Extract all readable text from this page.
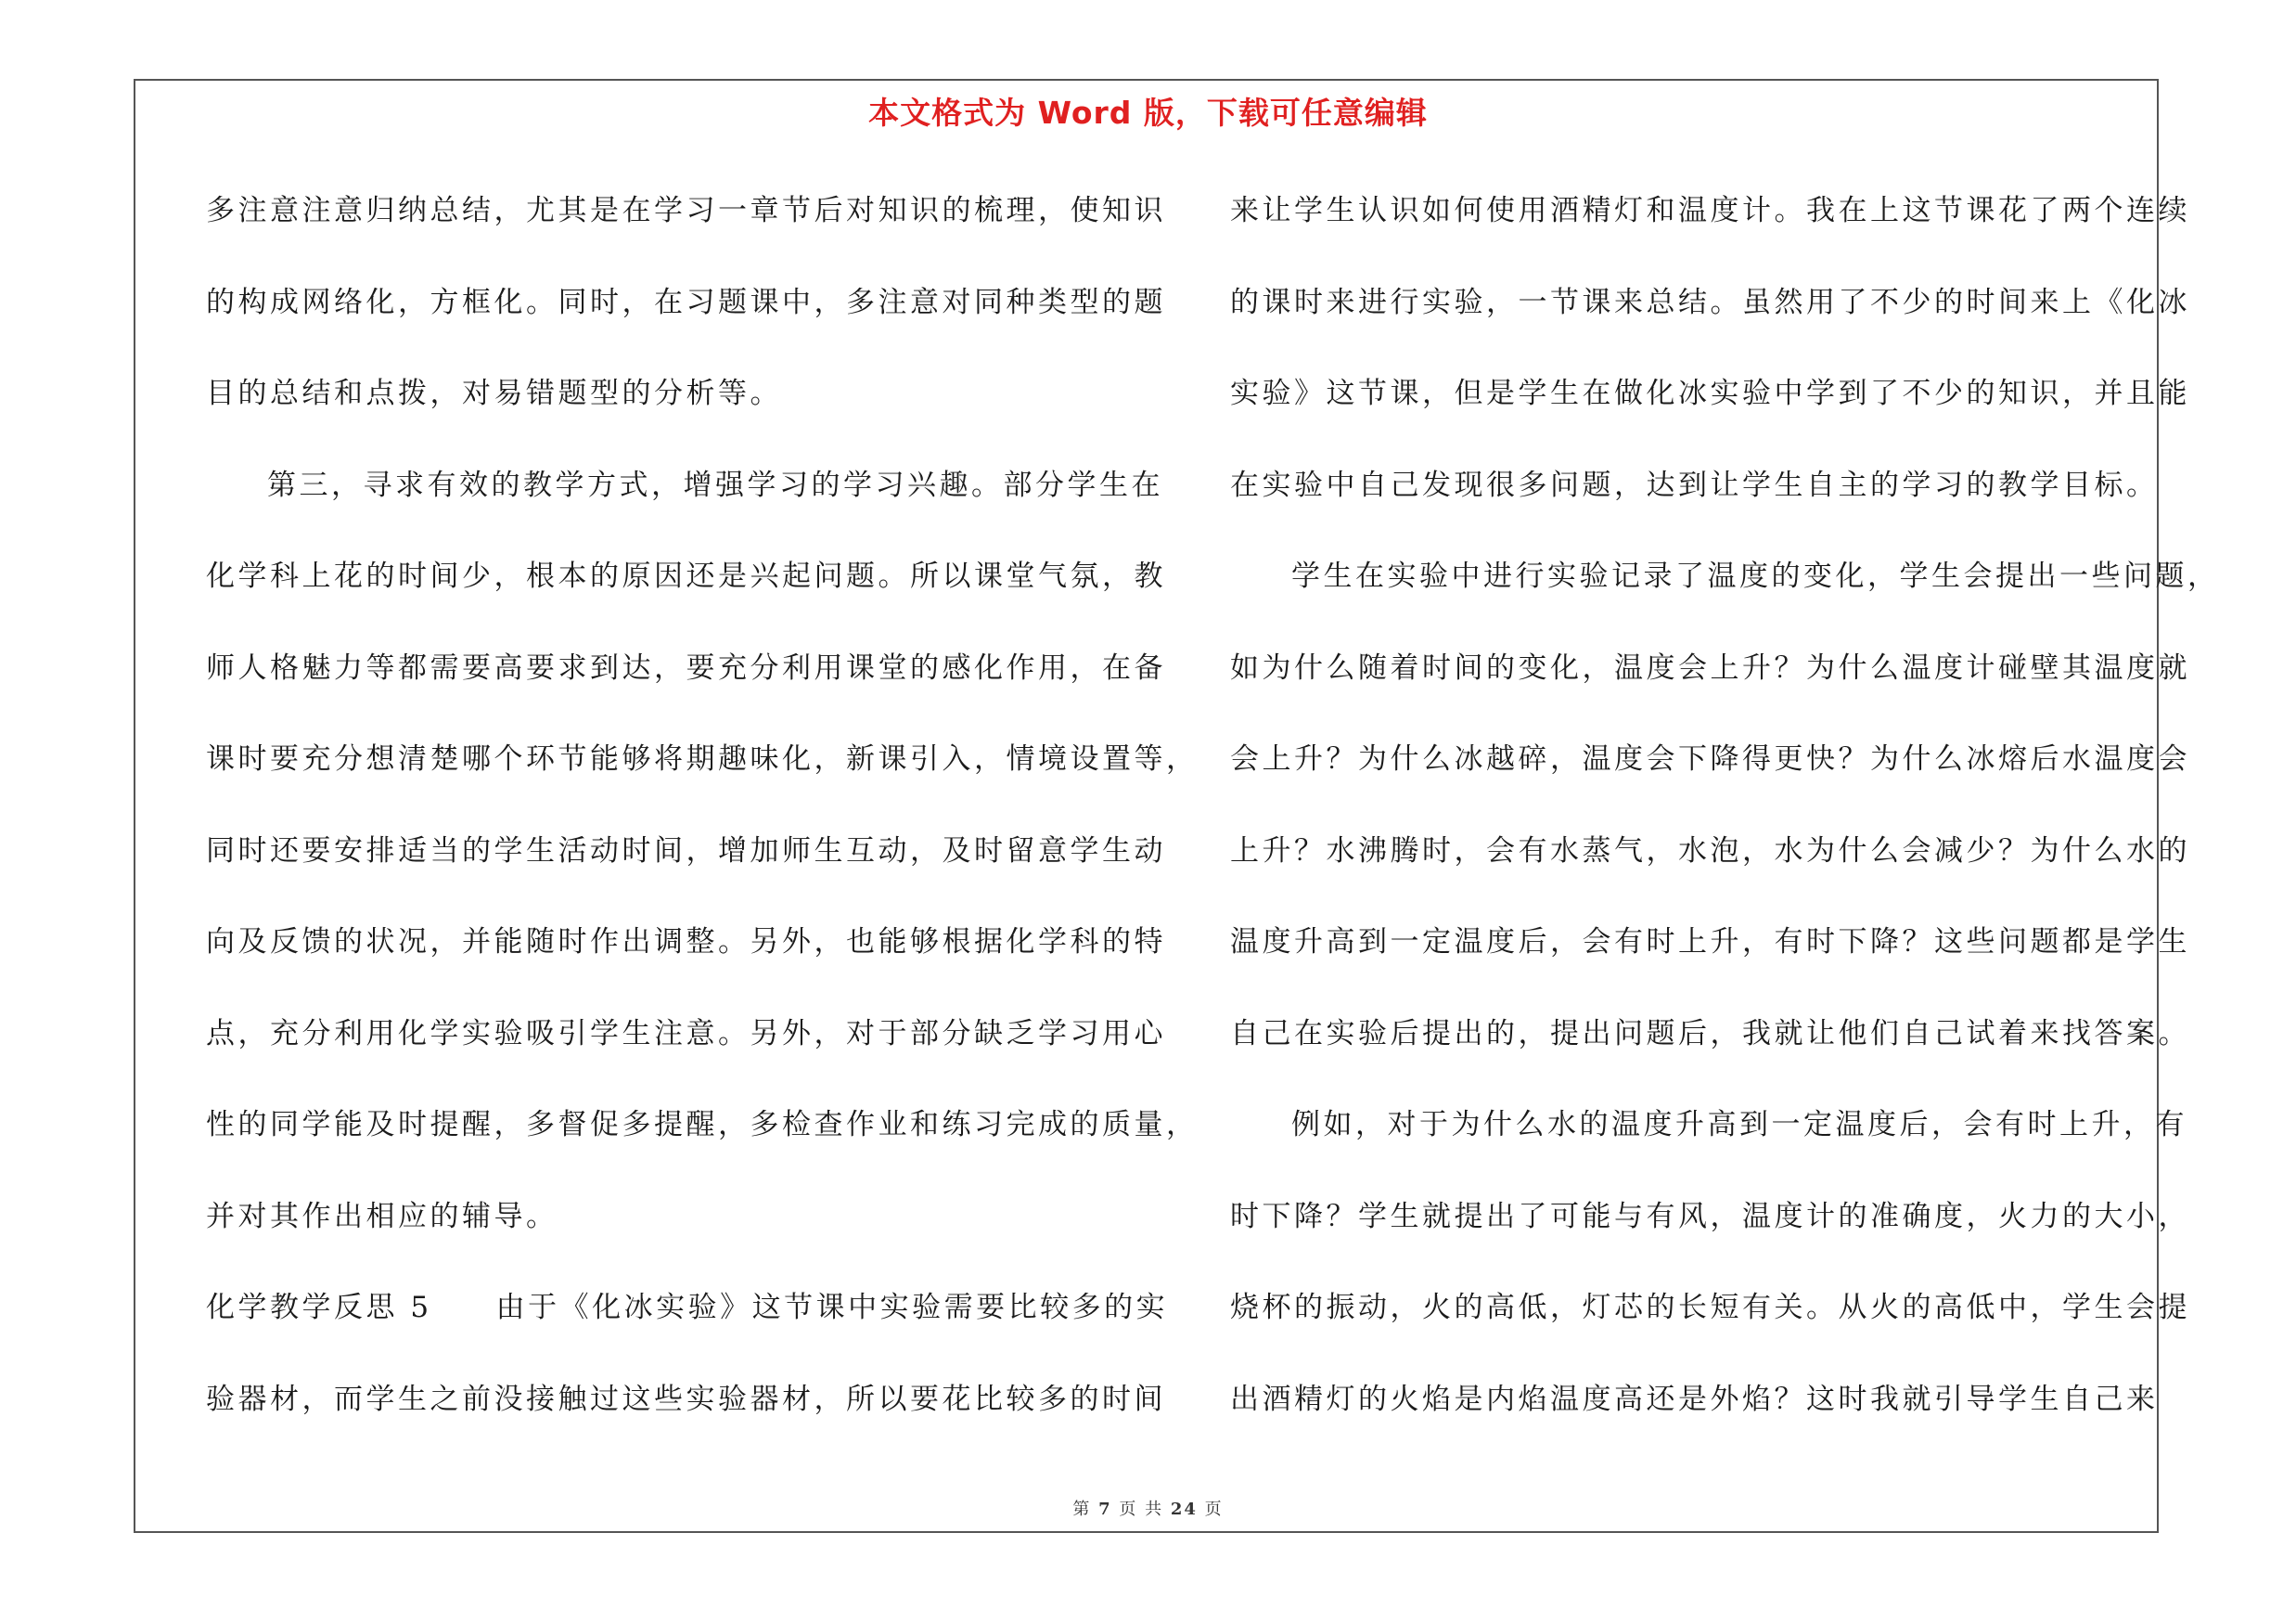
本文格式为 Word 版，下载可任意编辑
多注意注意归纳总结，尤其是在学习一章节后对知识的梳理，使知识
的构成网络化，方框化。同时，在习题课中，多注意对同种类型的题
目的总结和点拨，对易错题型的分析等。
第三，寻求有效的教学方式，增强学习的学习兴趣。部分学生在
化学科上花的时间少，根本的原因还是兴起问题。所以课堂气氛，教
师人格魅力等都需要高要求到达，要充分利用课堂的感化作用，在备
课时要充分想清楚哪个环节能够将期趣味化，新课引入，情境设置等，
同时还要安排适当的学生活动时间，增加师生互动，及时留意学生动
向及反馈的状况，并能随时作出调整。另外，也能够根据化学科的特
点，充分利用化学实验吸引学生注意。另外，对于部分缺乏学习用心
性的同学能及时提醒，多督促多提醒，多检查作业和练习完成的质量，
并对其作出相应的辅导。
化学教学反思 5　　由于《化冰实验》这节课中实验需要比较多的实
验器材，而学生之前没接触过这些实验器材，所以要花比较多的时间
来让学生认识如何使用酒精灯和温度计。我在上这节课花了两个连续
的课时来进行实验，一节课来总结。虽然用了不少的时间来上《化冰
实验》这节课，但是学生在做化冰实验中学到了不少的知识，并且能
在实验中自己发现很多问题，达到让学生自主的学习的教学目标。
学生在实验中进行实验记录了温度的变化，学生会提出一些问题，
如为什么随着时间的变化，温度会上升？为什么温度计碰壁其温度就
会上升？为什么冰越碎，温度会下降得更快？为什么冰熔后水温度会
上升？水沸腾时，会有水蒸气，水泡，水为什么会减少？为什么水的
温度升高到一定温度后，会有时上升，有时下降？这些问题都是学生
自己在实验后提出的，提出问题后，我就让他们自己试着来找答案。
例如，对于为什么水的温度升高到一定温度后，会有时上升，有
时下降？学生就提出了可能与有风，温度计的准确度，火力的大小，
烧杯的振动，火的高低，灯芯的长短有关。从火的高低中，学生会提
出酒精灯的火焰是内焰温度高还是外焰？这时我就引导学生自己来
第 7 页 共 24 页
